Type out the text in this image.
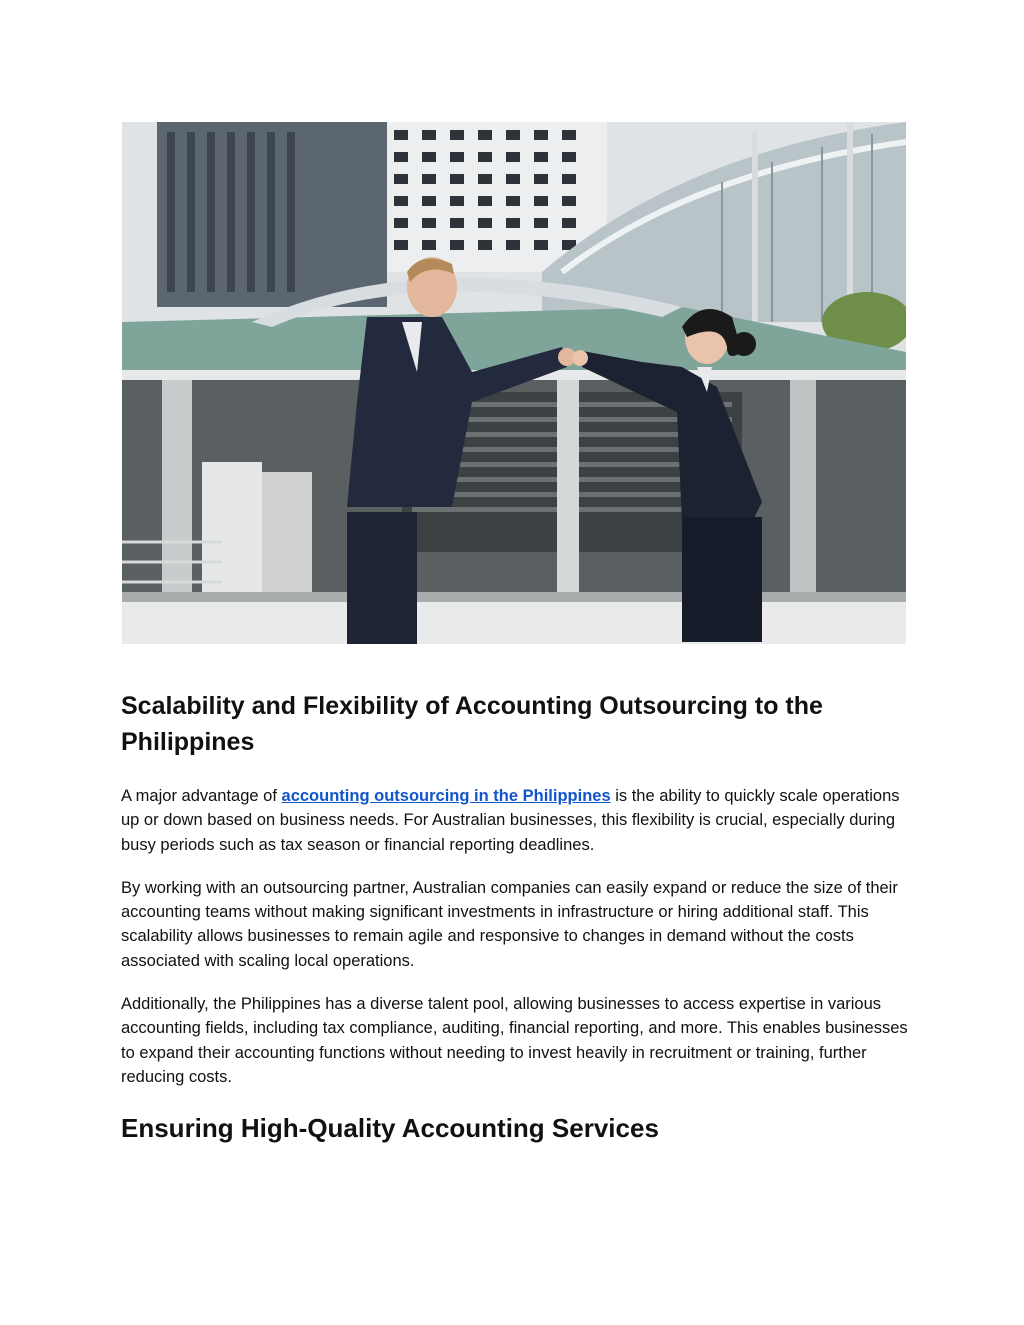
Scalability and Flexibility of Accounting Outsourcing to the Philippines

A major advantage of accounting outsourcing in the Philippines is the ability to quickly scale operations up or down based on business needs. For Australian businesses, this flexibility is crucial, especially during busy periods such as tax season or financial reporting deadlines.

By working with an outsourcing partner, Australian companies can easily expand or reduce the size of their accounting teams without making significant investments in infrastructure or hiring additional staff. This scalability allows businesses to remain agile and responsive to changes in demand without the costs associated with scaling local operations.

Additionally, the Philippines has a diverse talent pool, allowing businesses to access expertise in various accounting fields, including tax compliance, auditing, financial reporting, and more. This enables businesses to expand their accounting functions without needing to invest heavily in recruitment or training, further reducing costs.

Ensuring High-Quality Accounting Services
